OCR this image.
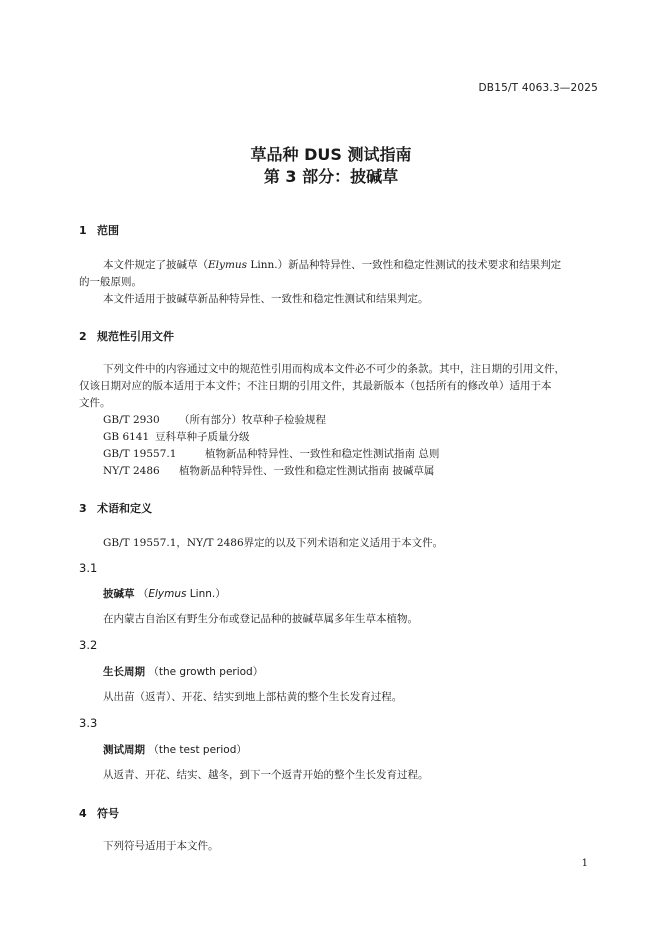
DB15/T 4063.3—2025
草品种 DUS 测试指南
第 3 部分：披碱草
1 范围
本文件规定了披碱草（Elymus Linn.）新品种特异性、一致性和稳定性测试的技术要求和结果判定
的一般原则。
本文件适用于披碱草新品种特异性、一致性和稳定性测试和结果判定。
2 规范性引用文件
下列文件中的内容通过文中的规范性引用而构成本文件必不可少的条款。其中，注日期的引用文件，
仅该日期对应的版本适用于本文件；不注日期的引用文件，其最新版本（包括所有的修改单）适用于本
文件。
GB/T 2930 （所有部分）牧草种子检验规程
GB 6141 豆科草种子质量分级
GB/T 19557.1	植物新品种特异性、一致性和稳定性测试指南 总则
NY/T 2486 植物新品种特异性、一致性和稳定性测试指南 披碱草属
3 术语和定义
GB/T 19557.1，NY/T 2486界定的以及下列术语和定义适用于本文件。
3.1
披碱草 （Elymus Linn.）
在内蒙古自治区有野生分布或登记品种的披碱草属多年生草本植物。
3.2
生长周期 （the growth period）
从出苗（返青）、开花、结实到地上部枯黄的整个生长发育过程。
3.3
测试周期 （the test period）
从返青、开花、结实、越冬，到下一个返青开始的整个生长发育过程。
4 符号
下列符号适用于本文件。
1
